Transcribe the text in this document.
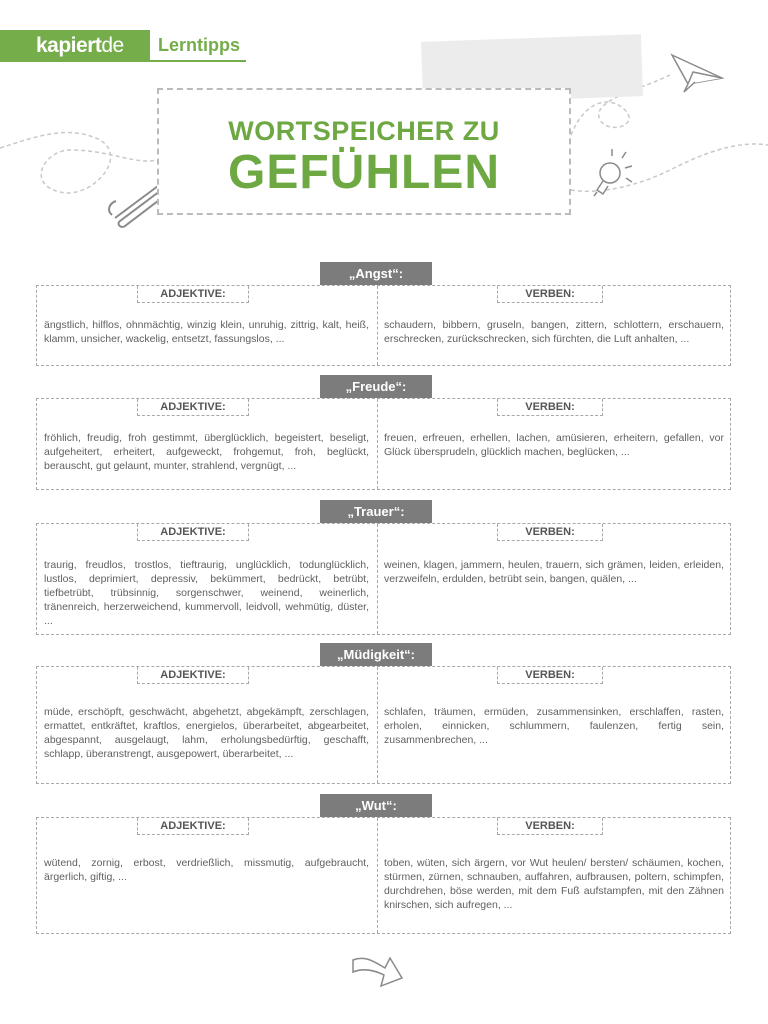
kapiert de	Lerntipps
WORTSPEICHER ZU
GEFÜHLEN
„Angst“:
ADJEKTIVE:	VERBEN:
ängstlich, hilflos, ohnmächtig, winzig klein, unruhig, zittrig, kalt, heiß, klamm, unsicher, wackelig, entsetzt, fassungslos, ...
schaudern, bibbern, gruseln, bangen, zittern, schlottern, erschauern, erschrecken, zurückschrecken, sich fürchten, die Luft anhalten, ...
„Freude“:
ADJEKTIVE:	VERBEN:
fröhlich, freudig, froh gestimmt, überglücklich, begeistert, beseligt, aufgeheitert, erheitert, aufgeweckt, frohgemut, froh, beglückt, berauscht, gut gelaunt, munter, strahlend, vergnügt, ...
freuen, erfreuen, erhellen, lachen, amüsieren, erheitern, gefallen, vor Glück übersprudeln, glücklich machen, beglücken, ...
„Trauer“:
ADJEKTIVE:	VERBEN:
traurig, freudlos, trostlos, tieftraurig, unglücklich, todunglücklich, lustlos, deprimiert, depressiv, bekümmert, bedrückt, betrübt, tiefbetrübt, trübsinnig, sorgenschwer, weinend, weinerlich, tränenreich, herzerweichend, kummervoll, leidvoll, wehmütig, düster, ...
weinen, klagen, jammern, heulen, trauern, sich grämen, leiden, erleiden, verzweifeln, erdulden, betrübt sein, bangen, quälen, ...
„Müdigkeit“:
ADJEKTIVE:	VERBEN:
müde, erschöpft, geschwächt, abgehetzt, abgekämpft, zerschlagen, ermattet, entkräftet, kraftlos, energielos, überarbeitet, abgearbeitet, abgespannt, ausgelaugt, lahm, erholungsbedürftig, geschafft, schlapp, überanstrengt, ausgepowert, überarbeitet, ...
schlafen, träumen, ermüden, zusammensinken, erschlaffen, rasten, erholen, einnicken, schlummern, faulenzen, fertig sein, zusammenbrechen, ...
„Wut“:
ADJEKTIVE:	VERBEN:
wütend, zornig, erbost, verdrießlich, missmutig, aufgebraucht, ärgerlich, giftig, ...
toben, wüten, sich ärgern, vor Wut heulen/ bersten/ schäumen, kochen, stürmen, zürnen, schnauben, auffahren, aufbrausen, poltern, schimpfen, durchdrehen, böse werden, mit dem Fuß aufstampfen, mit den Zähnen knirschen, sich aufregen, ...
